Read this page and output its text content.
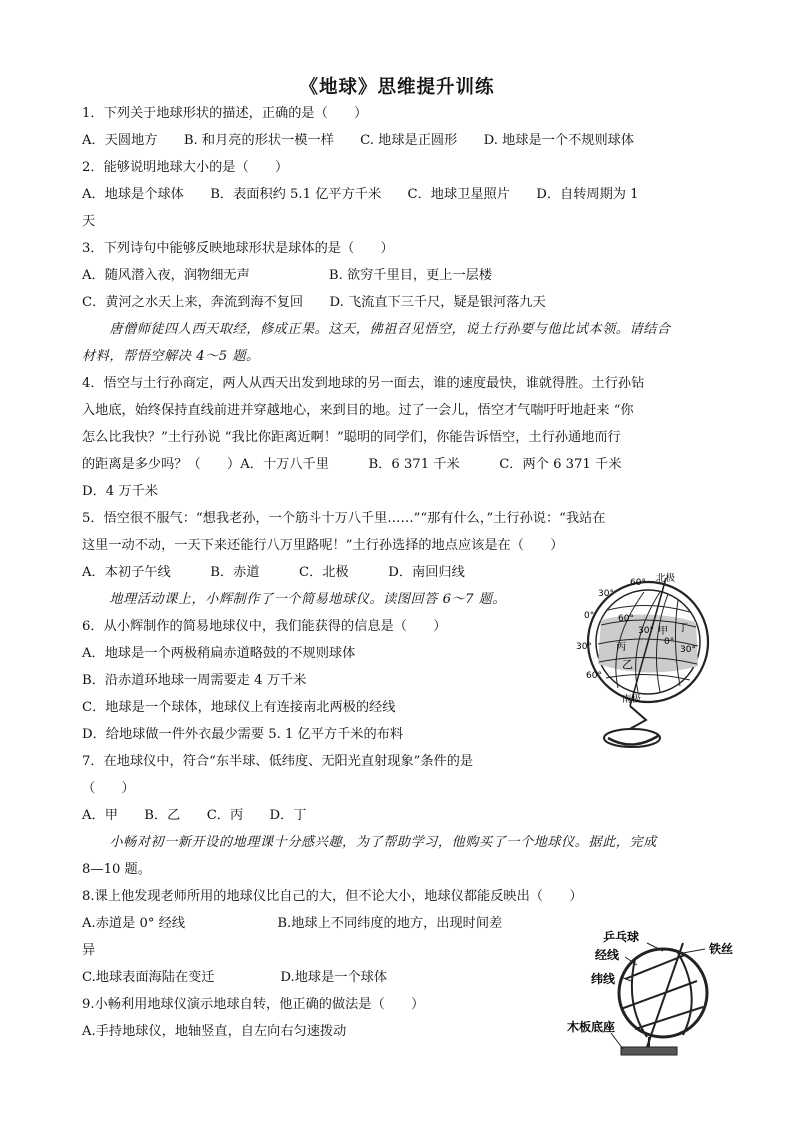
《地球》思维提升训练
1．下列关于地球形状的描述，正确的是（　　）
A．天圆地方　　B. 和月亮的形状一模一样　　C. 地球是正圆形　　D. 地球是一个不规则球体
2．能够说明地球大小的是（　　）
A．地球是个球体　　B．表面积约 5.1 亿平方千米　　C．地球卫星照片　　D．自转周期为 1
天
3．下列诗句中能够反映地球形状是球体的是（　　）
A．随风潜入夜，润物细无声　　　　　　B. 欲穷千里目，更上一层楼
C．黄河之水天上来，奔流到海不复回　　D. 飞流直下三千尺，疑是银河落九天
　　唐僧师徒四人西天取经，修成正果。这天，佛祖召见悟空，说土行孙要与他比试本领。请结合
材料，帮悟空解决 4～5 题。
4．悟空与土行孙商定，两人从西天出发到地球的另一面去，谁的速度最快，谁就得胜。土行孙钻
入地底，始终保持直线前进并穿越地心，来到目的地。过了一会儿，悟空才气喘吁吁地赶来 “你
怎么比我快？”土行孙说 “我比你距离近啊！”聪明的同学们，你能告诉悟空，土行孙通地而行
的距离是多少吗？（　　）A．十万八千里　　　B．6 371 千米　　　C．两个 6 371 千米
D．4 万千米
5．悟空很不服气：“想我老孙，一个筋斗十万八千里……”“那有什么，”土行孙说：“我站在
这里一动不动，一天下来还能行八万里路呢！”土行孙选择的地点应该是在（　　）
A．本初子午线　　　B．赤道　　　C．北极　　　D．南回归线
　　地理活动课上，小辉制作了一个简易地球仪。读图回答 6～7 题。
6．从小辉制作的简易地球仪中，我们能获得的信息是（　　）
A．地球是一个两极稍扁赤道略鼓的不规则球体
B．沿赤道环地球一周需要走 4 万千米
C．地球是一个球体，地球仪上有连接南北两极的经线
D．给地球做一件外衣最少需要 5. 1 亿平方千米的布料
7．在地球仪中，符合“东半球、低纬度、无阳光直射现象”条件的是
（　　）
A．甲　　B．乙　　C．丙　　D．丁
　　小畅对初一新开设的地理课十分感兴趣，为了帮助学习，他购买了一个地球仪。据此，完成
8—10 题。
8.课上他发现老师所用的地球仪比自己的大，但不论大小，地球仪都能反映出（　　）
A.赤道是 0° 经线　　　　　　　B.地球上不同纬度的地方，出现时间差
异
C.地球表面海陆在变迁　　　　　D.地球是一个球体
9.小畅利用地球仪演示地球自转，他正确的做法是（　　）
A.手持地球仪，地轴竖直，自左向右匀速拨动
北极
南极
60°
30°
0°	60°
30°
30°
30°
0°
60°
甲
乙
丙
丁
乒乓球
铁丝
经线
纬线
木板底座
